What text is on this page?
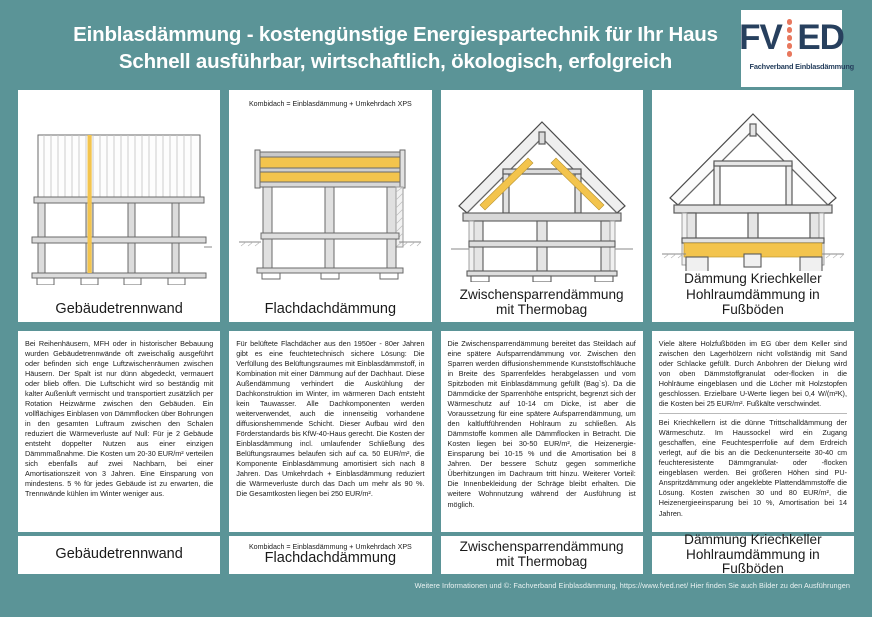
Einblasdämmung - kostengünstige Energiespartechnik für Ihr Haus
Schnell ausführbar, wirtschaftlich, ökologisch, erfolgreich
FV ED
Fachverband Einblasdämmung
Gebäudetrennwand
Kombidach = Einblasdämmung + Umkehrdach XPS
Flachdachdämmung
Zwischensparrendämmung
mit Thermobag
Dämmung Kriechkeller
Hohlraumdämmung in Fußböden

Bei Reihenhäusern, MFH oder in historischer Bebauung wurden Gebäudetrennwände oft zweischalig ausgeführt oder befinden sich enge Luftzwischenräumen zwischen Häusern. Der Spalt ist nur dünn abgedeckt, vermauert oder blieb offen. Die Luftschicht wird so beständig mit kalter Außenluft vermischt und transportiert zusätzlich per Rotation Heizwärme zwischen den Gebäuden. Ein vollflächiges Einblasen von Dämmflocken über Bohrungen in den gesamten Luftraum zwischen den Schalen reduziert die Wärmeverluste auf Null: Für je 2 Gebäude entsteht doppelter Nutzen aus einer einzigen Dämmmaßnahme. Die Kosten um 20-30 EUR/m² verteilen sich ebenfalls auf zwei Nachbarn, bei einer Amortisationszeit von 3 Jahren. Eine Einsparung von mindestens. 5 % für jedes Gebäude ist zu erwarten, die Trennwände kühlen im Winter weniger aus.

Für belüftete Flachdächer aus den 1950er - 80er Jahren gibt es eine feuchtetechnisch sichere Lösung: Die Verfüllung des Belüftungsraumes mit Einblasdämmstoff, in Kombination mit einer Dämmung auf der Dachhaut. Diese Außendämmung verhindert die Auskühlung der Dachkonstruktion im Winter, im wärmeren Dach entsteht kein Tauwasser. Alle Dachkomponenten werden weiterverwendet, auch die innenseitig vorhandene diffusionshemmende Schicht. Dieser Aufbau wird den Förderstandards bis KfW-40-Haus gerecht. Die Kosten der Einblasdämmung incl. umlaufender Schließung des Belüftungsraumes belaufen sich auf ca. 50 EUR/m², die Komponente Einblasdämmung amortisiert sich nach 8 Jahren. Das Umkehrdach + Einblasdämmung reduziert die Wärmeverluste durch das Dach um mehr als 90 %. Die Gesamtkosten liegen bei 250 EUR/m².

Die Zwischensparrendämmung bereitet das Steildach auf eine spätere Aufsparrendämmung vor. Zwischen den Sparren werden diffusionshemmende Kunststoffschläuche in Breite des Sparrenfeldes herabgelassen und vom Spitzboden mit Einblasdämmung gefüllt (Bag`s). Da die Dämmdicke der Sparrenhöhe entspricht, begrenzt sich der Wärmeschutz auf 10-14 cm Dicke, ist aber die Voraussetzung für eine spätere Aufsparrendämmung, um den kaltluftführenden Hohlraum zu schließen. Als Dämmstoffe kommen alle Dämmflocken in Betracht. Die Kosten liegen bei 30-50 EUR/m², die Heizenergie-Einsparung bei 10-15 % und die Amortisation bei 8 Jahren. Der bessere Schutz gegen sommerliche Überhitzungen im Dachraum tritt hinzu. Weiterer Vorteil: Die Innenbekleidung der Schräge bleibt erhalten. Die weitere Wohnnutzung während der Ausführung ist möglich.

Viele ältere Holzfußböden im EG über dem Keller sind zwischen den Lagerhölzern nicht vollständig mit Sand oder Schlacke gefüllt. Durch Anbohren der Dielung wird von oben Dämmstoffgranulat oder-flocken in die Hohlräume eingeblasen und die Löcher mit Holzstopfen geschlossen. Erzielbare U-Werte liegen bei 0,4 W/(m²K), die Kosten bei 25 EUR/m². Fußkälte verschwindet.

Bei Kriechkellern ist die dünne Trittschalldämmung der Wärmeschutz. Im Haussockel wird ein Zugang geschaffen, eine Feuchtesperrfolie auf dem Erdreich verlegt, auf die bis an die Deckenunterseite 30-40 cm feuchteresistente Dämmgranulat- oder -flocken eingeblasen werden. Bei größeren Höhen sind PU-Anspritzdämmung oder angeklebte Plattendämmstoffe die Lösung. Kosten zwischen 30 und 80 EUR/m², die Heizenergieeinsparung bei 10 %, Amortisation bei 14 Jahren.

Gebäudetrennwand	Kombidach = Einblasdämmung + Umkehrdach XPS
Flachdachdämmung
Zwischensparrendämmung
mit Thermobag
Dämmung Kriechkeller
Hohlraumdämmung in Fußböden
Weitere Informationen und ©: Fachverband Einblasdämmung, https://www.fved.net/ Hier finden Sie auch Bilder zu den Ausführungen
